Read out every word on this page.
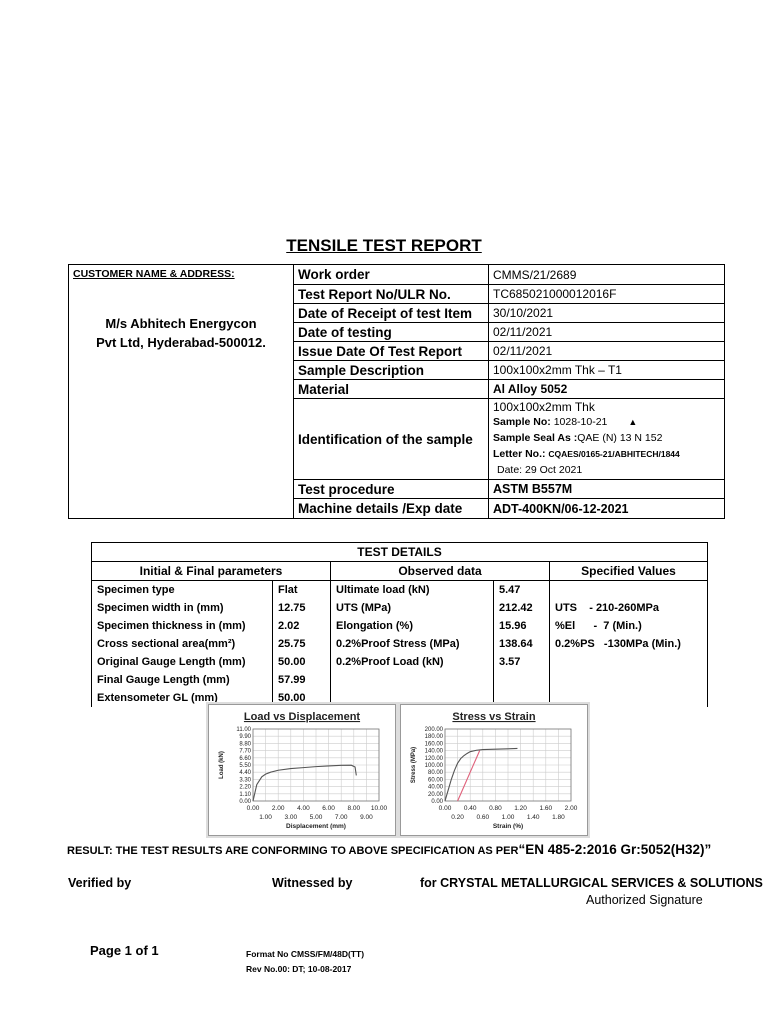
TENSILE TEST REPORT
CUSTOMER NAME & ADDRESS:
M/s Abhitech Energycon
Pvt Ltd, Hyderabad-500012.	Work order	CMMS/21/2689
	Test Report No/ULR No.	TC685021000012016F
	Date of Receipt of test Item	30/10/2021
	Date of testing	02/11/2021
	Issue Date Of Test Report	02/11/2021
	Sample Description	100x100x2mm Thk – T1
	Material	Al Alloy 5052
	Identification of the sample	100x100x2mm Thk
Sample No: 1028-10-21 ▲
Sample Seal As :QAE (N) 13 N 152
Letter No.: CQAES/0165-21/ABHITECH/1844
Date: 29 Oct 2021

	Test procedure	ASTM B557M
	Machine details /Exp date	ADT-400KN/06-12-2021
TEST DETAILS				
Initial & Final parameters		Observed data		Specified Values
Specimen type	Flat	Ultimate load (kN)	5.47	
Specimen width in (mm)	12.75	UTS (MPa)	212.42	UTS    - 210-260MPa
Specimen thickness in (mm)	2.02	Elongation (%)	15.96	%El      -  7 (Min.)
Cross sectional area(mm²)	25.75	0.2%Proof Stress (MPa)	138.64	0.2%PS   -130MPa (Min.)
Original Gauge Length (mm)	50.00	0.2%Proof Load (kN)	3.57	
Final Gauge Length (mm)	57.99			
Extensometer GL (mm)	50.00			
Load vs Displacement
0.00
1.10
2.20
3.30
4.40
5.50
6.60
7.70
8.80
9.90
11.00
0.00 2.00 4.00 6.00 8.00 10.00
1.00 3.00 5.00 7.00 9.00
Displacement (mm)
Load (kN)
Stress vs Strain
0.00
20.00
40.00
60.00
80.00
100.00
120.00
140.00
160.00
180.00
200.00
0.00 0.40 0.80 1.20 1.60 2.00
0.20 0.60 1.00 1.40 1.80
Strain (%)
Stress (MPa)
RESULT: THE TEST RESULTS ARE CONFORMING TO ABOVE SPECIFICATION AS PER“EN 485-2:2016 Gr:5052(H32)”
Verified by	Witnessed by	for CRYSTAL METALLURGICAL SERVICES & SOLUTIONS
Authorized Signature
Page 1 of 1	Format No CMSS/FM/48D(TT)
Rev No.00: DT; 10-08-2017
